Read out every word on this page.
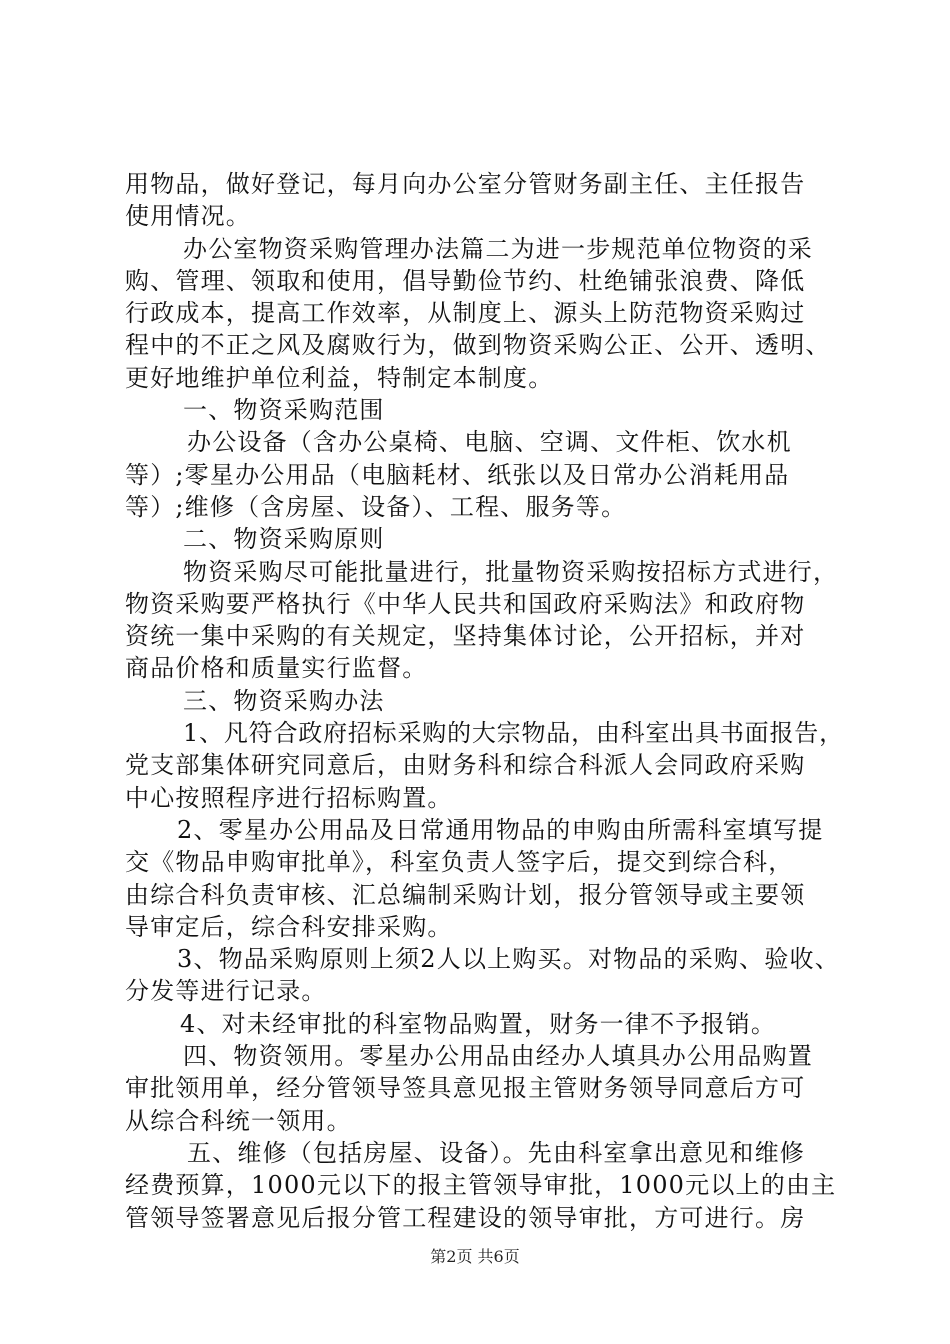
用物品，做好登记，每月向办公室分管财务副主任、主任报告
使用情况。
办公室物资采购管理办法篇二为进一步规范单位物资的采
购、管理、领取和使用，倡导勤俭节约、杜绝铺张浪费、降低
行政成本，提高工作效率，从制度上、源头上防范物资采购过
程中的不正之风及腐败行为，做到物资采购公正、公开、透明、
更好地维护单位利益，特制定本制度。
一、物资采购范围
办公设备（含办公桌椅、电脑、空调、文件柜、饮水机
等）;零星办公用品（电脑耗材、纸张以及日常办公消耗用品
等）;维修（含房屋、设备）、工程、服务等。
二、物资采购原则
物资采购尽可能批量进行，批量物资采购按招标方式进行，
物资采购要严格执行《中华人民共和国政府采购法》和政府物
资统一集中采购的有关规定，坚持集体讨论，公开招标，并对
商品价格和质量实行监督。
三、物资采购办法
1、凡符合政府招标采购的大宗物品，由科室出具书面报告，
党支部集体研究同意后，由财务科和综合科派人会同政府采购
中心按照程序进行招标购置。
2、零星办公用品及日常通用物品的申购由所需科室填写提
交《物品申购审批单》，科室负责人签字后，提交到综合科，
由综合科负责审核、汇总编制采购计划，报分管领导或主要领
导审定后，综合科安排采购。
3、物品采购原则上须2人以上购买。对物品的采购、验收、
分发等进行记录。
4、对未经审批的科室物品购置，财务一律不予报销。
四、物资领用。零星办公用品由经办人填具办公用品购置
审批领用单，经分管领导签具意见报主管财务领导同意后方可
从综合科统一领用。
五、维修（包括房屋、设备）。先由科室拿出意见和维修
经费预算，1000元以下的报主管领导审批，1000元以上的由主
管领导签署意见后报分管工程建设的领导审批，方可进行。房
第2页 共6页
